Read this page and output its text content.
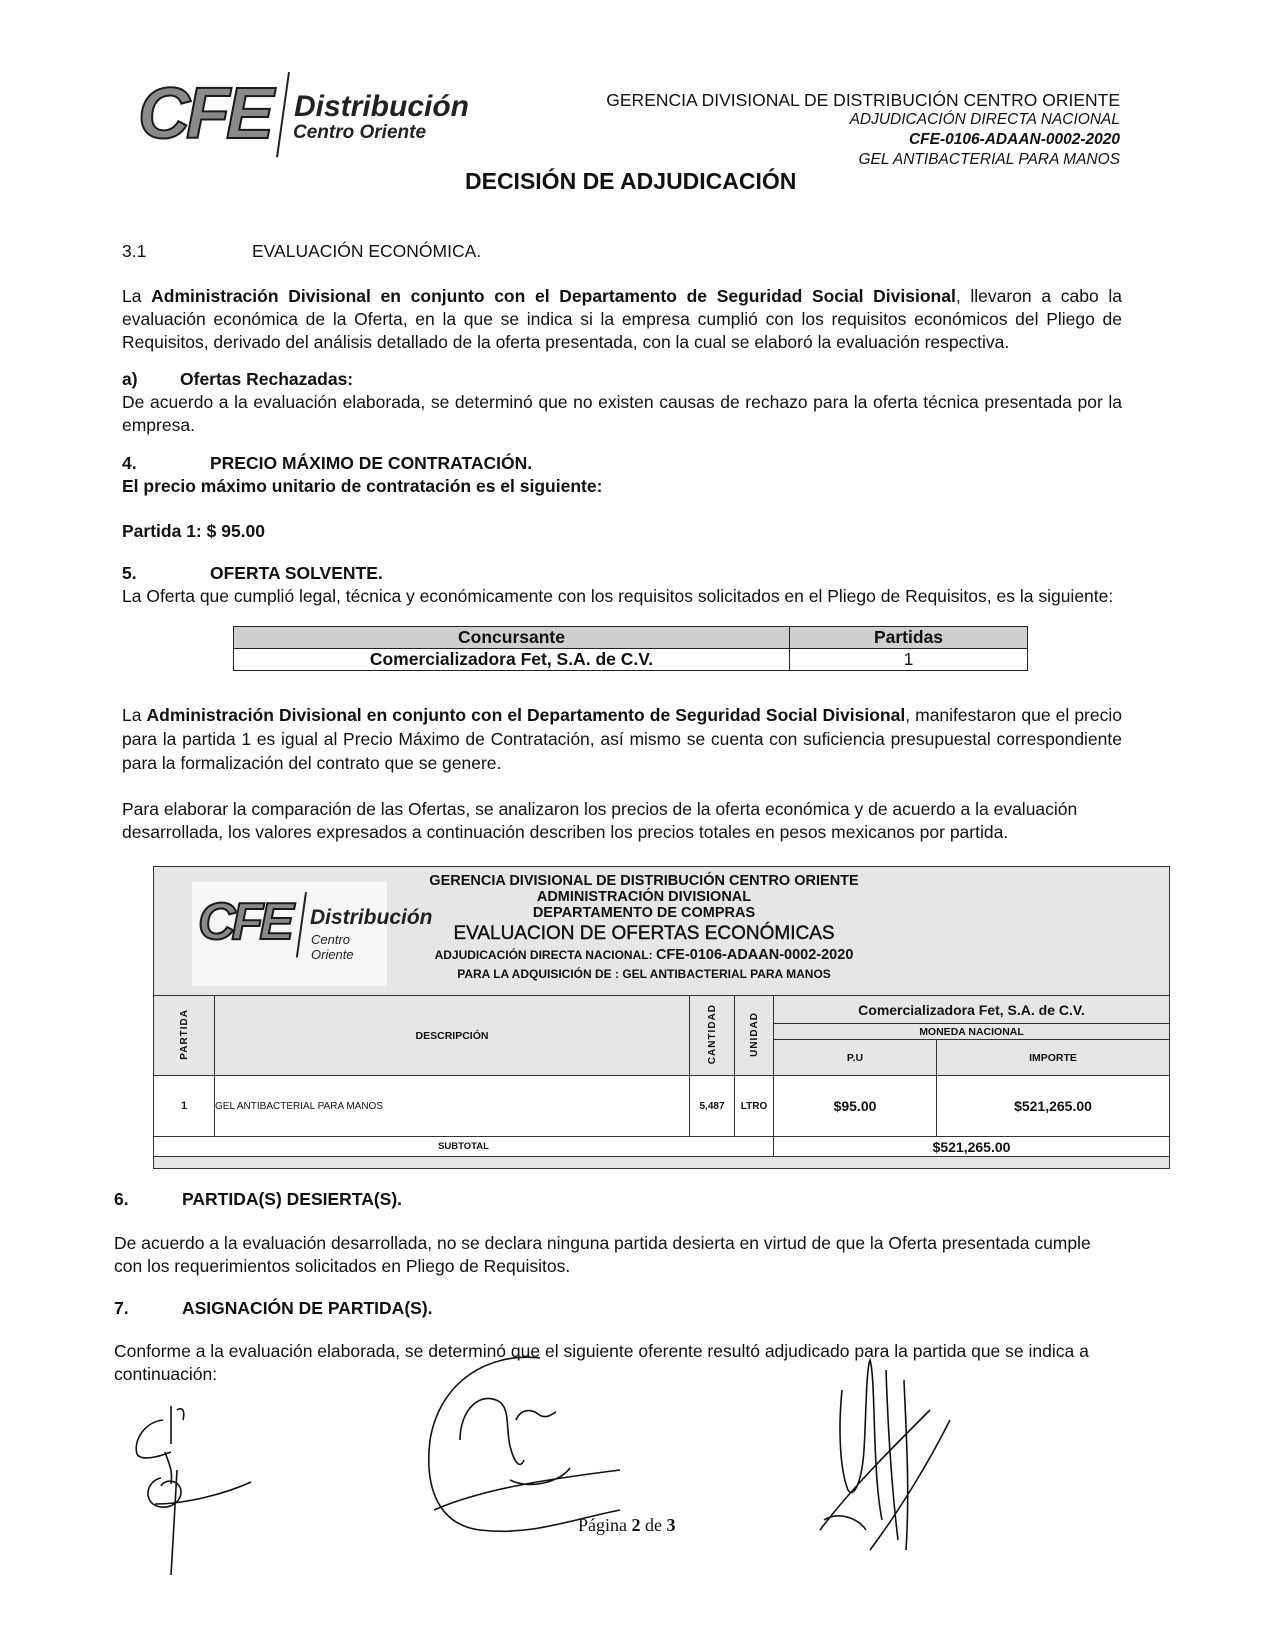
CFE Distribución
Centro Oriente
GERENCIA DIVISIONAL DE DISTRIBUCIÓN CENTRO ORIENTE
ADJUDICACIÓN DIRECTA NACIONAL
CFE-0106-ADAAN-0002-2020
GEL ANTIBACTERIAL PARA MANOS
DECISIÓN DE ADJUDICACIÓN
3.1	EVALUACIÓN ECONÓMICA.
La Administración Divisional en conjunto con el Departamento de Seguridad Social Divisional, llevaron a cabo la evaluación económica de la Oferta, en la que se indica si la empresa cumplió con los requisitos económicos del Pliego de Requisitos, derivado del análisis detallado de la oferta presentada, con la cual se elaboró la evaluación respectiva.
a) Ofertas Rechazadas:
De acuerdo a la evaluación elaborada, se determinó que no existen causas de rechazo para la oferta técnica presentada por la empresa.
4.	PRECIO MÁXIMO DE CONTRATACIÓN.
El precio máximo unitario de contratación es el siguiente:
Partida 1: $ 95.00
5.	OFERTA SOLVENTE.
La Oferta que cumplió legal, técnica y económicamente con los requisitos solicitados en el Pliego de Requisitos, es la siguiente:
Concursante	Partidas
Comercializadora Fet, S.A. de C.V.	1
La Administración Divisional en conjunto con el Departamento de Seguridad Social Divisional, manifestaron que el precio para la partida 1 es igual al Precio Máximo de Contratación, así mismo se cuenta con suficiencia presupuestal correspondiente para la formalización del contrato que se genere.
Para elaborar la comparación de las Ofertas, se analizaron los precios de la oferta económica y de acuerdo a la evaluación desarrollada, los valores expresados a continuación describen los precios totales en pesos mexicanos por partida.
CFE Distribución
Centro Oriente
GERENCIA DIVISIONAL DE DISTRIBUCIÓN CENTRO ORIENTE
ADMINISTRACIÓN DIVISIONAL
DEPARTAMENTO DE COMPRAS
EVALUACION DE OFERTAS ECONÓMICAS
ADJUDICACIÓN DIRECTA NACIONAL: CFE-0106-ADAAN-0002-2020
PARA LA ADQUISICIÓN DE : GEL ANTIBACTERIAL PARA MANOS
PARTIDA	DESCRIPCIÓN	CANTIDAD	UNIDAD	Comercializadora Fet, S.A. de C.V.	
				MONEDA NACIONAL	
				P.U	IMPORTE
1	GEL ANTIBACTERIAL PARA MANOS	5,487	LTRO	$95.00	$521,265.00
SUBTOTAL				$521,265.00	
6.	PARTIDA(S) DESIERTA(S).
De acuerdo a la evaluación desarrollada, no se declara ninguna partida desierta en virtud de que la Oferta presentada cumple con los requerimientos solicitados en Pliego de Requisitos.
7.	ASIGNACIÓN DE PARTIDA(S).
Conforme a la evaluación elaborada, se determinó que el siguiente oferente resultó adjudicado para la partida que se indica a continuación:
Página 2 de 3
